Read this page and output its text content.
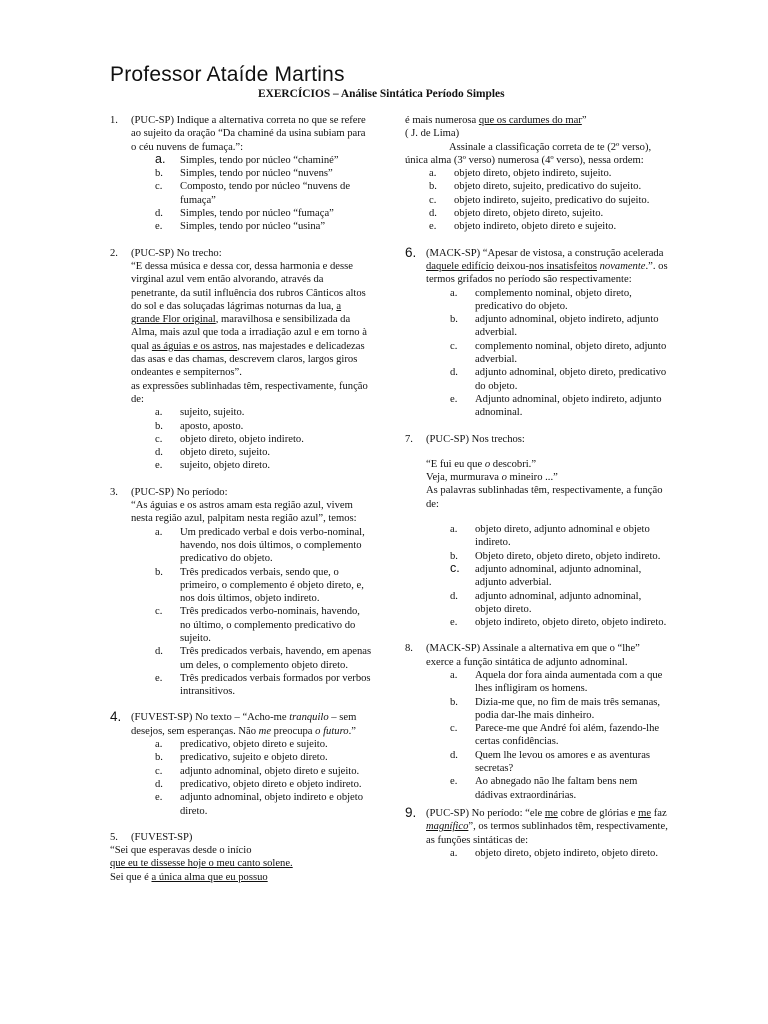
Professor Ataíde Martins
EXERCÍCIOS – Análise Sintática Período Simples
1. (PUC-SP) Indique a alternativa correta no que se refere ao sujeito da oração “Da chaminé da usina subiam para o céu nuvens de fumaça.”:
a. Simples, tendo por núcleo “chaminé”
b. Simples, tendo por núcleo “nuvens”
c. Composto, tendo por núcleo “nuvens de fumaça”
d. Simples, tendo por núcleo “fumaça”
e. Simples, tendo por núcleo “usina”
2. (PUC-SP) No trecho:
“E dessa música e dessa cor, dessa harmonia e desse virginal azul vem então alvorando, através da penetrante, da sutil influência dos rubros Cânticos altos do sol e das soluçadas lágrimas noturnas da lua, a grande Flor original, maravilhosa e sensibilizada da Alma, mais azul que toda a irradiação azul e em torno à qual as águias e os astros, nas majestades e delicadezas das asas e das chamas, descrevem claros, largos giros ondeantes e sempiternos”.
as expressões sublinhadas têm, respectivamente, função de:
a. sujeito, sujeito.
b. aposto, aposto.
c. objeto direto, objeto indireto.
d. objeto direto, sujeito.
e. sujeito, objeto direto.
3. (PUC-SP) No período:
“As águias e os astros amam esta região azul, vivem nesta região azul, palpitam nesta região azul”, temos:
a. Um predicado verbal e dois verbo-nominal, havendo, nos dois últimos, o complemento predicativo do objeto.
b. Três predicados verbais, sendo que, o primeiro, o complemento é objeto direto, e, nos dois últimos, objeto indireto.
c. Três predicados verbo-nominais, havendo, no último, o complemento predicativo do sujeito.
d. Três predicados verbais, havendo, em apenas um deles, o complemento objeto direto.
e. Três predicados verbais formados por verbos intransitivos.
4. (FUVEST-SP) No texto – “Acho-me tranquilo – sem desejos, sem esperanças. Não me preocupa o futuro.”
a. predicativo, objeto direto e sujeito.
b. predicativo, sujeito e objeto direto.
c. adjunto adnominal, objeto direto e sujeito.
d. predicativo, objeto direto e objeto indireto.
e. adjunto adnominal, objeto indireto e objeto direto.
5. (FUVEST-SP)
“Sei que esperavas desde o início
que eu te dissesse hoje o meu canto solene.
Sei que é a única alma que eu possuo
é mais numerosa que os cardumes do mar”
( J. de Lima)
Assinale a classificação correta de te (2º verso), única alma (3º verso) numerosa (4º verso), nessa ordem:
a. objeto direto, objeto indireto, sujeito.
b. objeto direto, sujeito, predicativo do sujeito.
c. objeto indireto, sujeito, predicativo do sujeito.
d. objeto direto, objeto direto, sujeito.
e. objeto indireto, objeto direto e sujeito.
6. (MACK-SP) “Apesar de vistosa, a construção acelerada daquele edifício deixou-nos insatisfeitos novamente.”. os termos grifados no período são respectivamente:
a. complemento nominal, objeto direto, predicativo do objeto.
b. adjunto adnominal, objeto indireto, adjunto adverbial.
c. complemento nominal, objeto direto, adjunto adverbial.
d. adjunto adnominal, objeto direto, predicativo do objeto.
e. Adjunto adnominal, objeto indireto, adjunto adnominal.
7. (PUC-SP) Nos trechos:
“E fui eu que o descobri.”
Veja, murmurava o mineiro ...”
As palavras sublinhadas têm, respectivamente, a função de:
a. objeto direto, adjunto adnominal e objeto indireto.
b. Objeto direto, objeto direto, objeto indireto.
c. adjunto adnominal, adjunto adnominal, adjunto adverbial.
d. adjunto adnominal, adjunto adnominal, objeto direto.
e. objeto indireto, objeto direto, objeto indireto.
8. (MACK-SP) Assinale a alternativa em que o “lhe” exerce a função sintática de adjunto adnominal.
a. Aquela dor fora ainda aumentada com a que lhes infligiram os homens.
b. Dizia-me que, no fim de mais três semanas, podia dar-lhe mais dinheiro.
c. Parece-me que André foi além, fazendo-lhe certas confidências.
d. Quem lhe levou os amores e as aventuras secretas?
e. Ao abnegado não lhe faltam bens nem dádivas extraordinárias.
9. (PUC-SP) No período: “ele me cobre de glórias e me faz magnífico”, os termos sublinhados têm, respectivamente, as funções sintáticas de:
a. objeto direto, objeto indireto, objeto direto.
